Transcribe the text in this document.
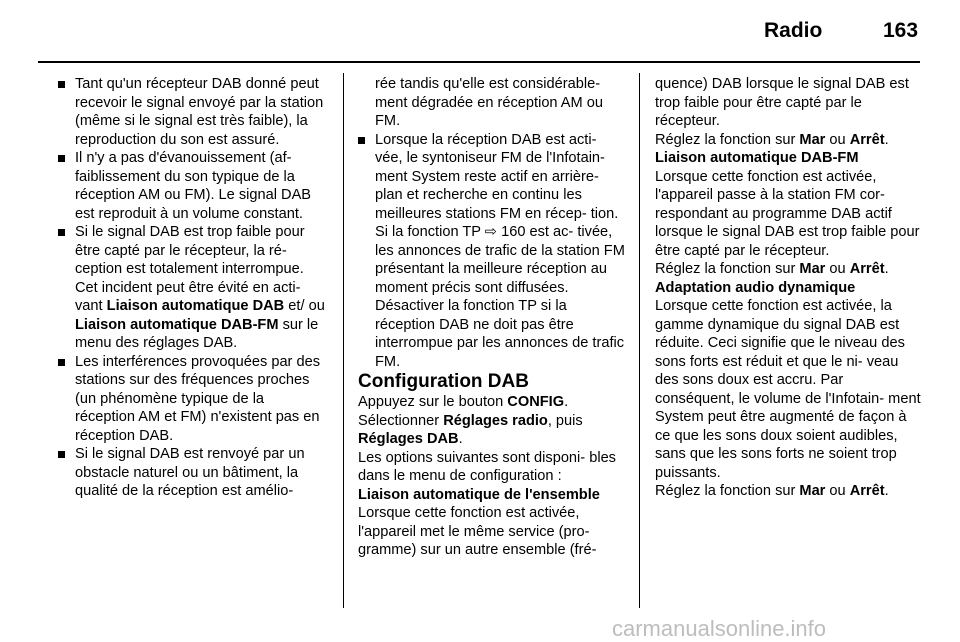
Radio	163

Tant qu'un récepteur DAB donné peut recevoir le signal envoyé par la station (même si le signal est très faible), la reproduction du son est assuré.

Il n'y a pas d'évanouissement (af‐ faiblissement du son typique de la réception AM ou FM). Le signal DAB est reproduit à un volume constant.

Si le signal DAB est trop faible pour être capté par le récepteur, la ré‐ ception est totalement interrompue. Cet incident peut être évité en acti‐ vant Liaison automatique DAB et/ ou Liaison automatique DAB-FM sur le menu des réglages DAB.

Les interférences provoquées par des stations sur des fréquences proches (un phénomène typique de la réception AM et FM) n'existent pas en réception DAB.

Si le signal DAB est renvoyé par un obstacle naturel ou un bâtiment, la qualité de la réception est amélio‐

rée tandis qu'elle est considérable‐ ment dégradée en réception AM ou FM.

Lorsque la réception DAB est acti‐ vée, le syntoniseur FM de l'Infotain‐ ment System reste actif en arrière- plan et recherche en continu les meilleures stations FM en récep‐ tion. Si la fonction TP ⇨ 160 est ac‐ tivée, les annonces de trafic de la station FM présentant la meilleure réception au moment précis sont diffusées. Désactiver la fonction TP si la réception DAB ne doit pas être interrompue par les annonces de trafic FM.

Configuration DAB

Appuyez sur le bouton CONFIG.

Sélectionner Réglages radio, puis Réglages DAB.

Les options suivantes sont disponi‐ bles dans le menu de configuration :

Liaison automatique de l'ensemble

Lorsque cette fonction est activée, l'appareil met le même service (pro‐ gramme) sur un autre ensemble (fré‐

quence) DAB lorsque le signal DAB est trop faible pour être capté par le récepteur.

Réglez la fonction sur Mar ou Arrêt.

Liaison automatique DAB-FM

Lorsque cette fonction est activée, l'appareil passe à la station FM cor‐ respondant au programme DAB actif lorsque le signal DAB est trop faible pour être capté par le récepteur.

Réglez la fonction sur Mar ou Arrêt.

Adaptation audio dynamique

Lorsque cette fonction est activée, la gamme dynamique du signal DAB est réduite. Ceci signifie que le niveau des sons forts est réduit et que le ni‐ veau des sons doux est accru. Par conséquent, le volume de l'Infotain‐ ment System peut être augmenté de façon à ce que les sons doux soient audibles, sans que les sons forts ne soient trop puissants.

Réglez la fonction sur Mar ou Arrêt.

carmanualsonline.info
